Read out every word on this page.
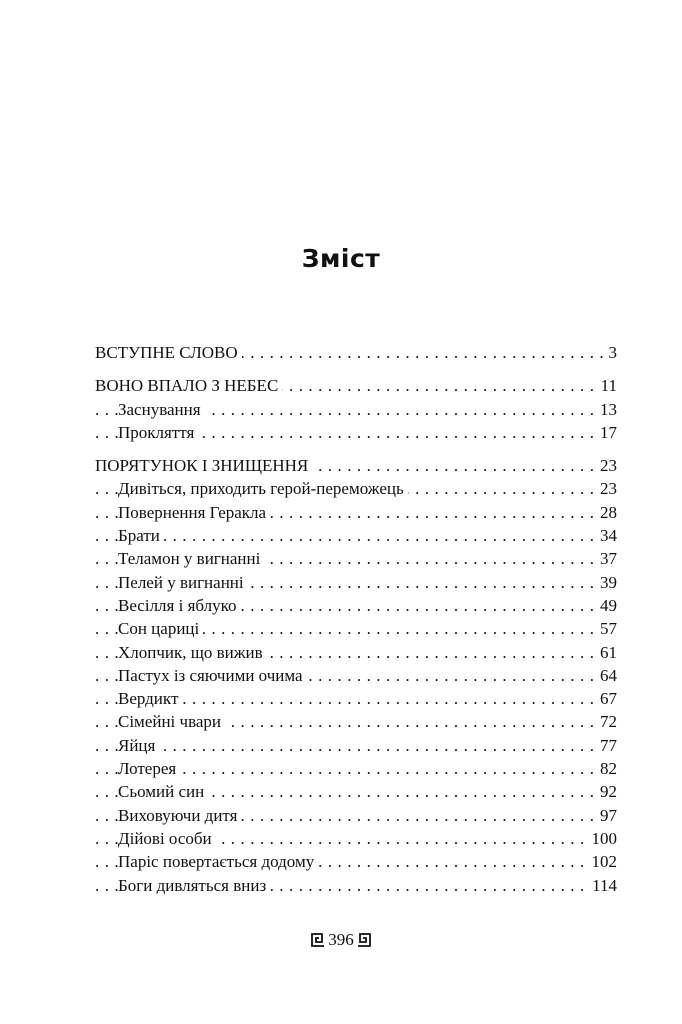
Зміст
ВСТУПНЕ СЛОВО	3
. . .
ВОНО ВПАЛО З НЕБЕС	11
. . .
Заснування	13
. . .
Прокляття	17
. . .
ПОРЯТУНОК І ЗНИЩЕННЯ	23
. . .
Дивіться, приходить герой-переможець	23
. . .
Повернення Геракла	28
. . .
Брати	34
. . .
Теламон у вигнанні	37
. . .
Пелей у вигнанні	39
. . .
Весілля і яблуко	49
. . .
Сон цариці	57
. . .
Хлопчик, що вижив	61
. . .
Пастух із сяючими очима	64
. . .
Вердикт	67
. . .
Сімейні чвари	72
. . .
Яйця	77
. . .
Лотерея	82
. . .
Сьомий син	92
. . .
Виховуючи дитя	97
. . .
Дійові особи	100
. . .
Паріс повертається додому	102
. . .
Боги дивляться вниз	114
. . .
396
